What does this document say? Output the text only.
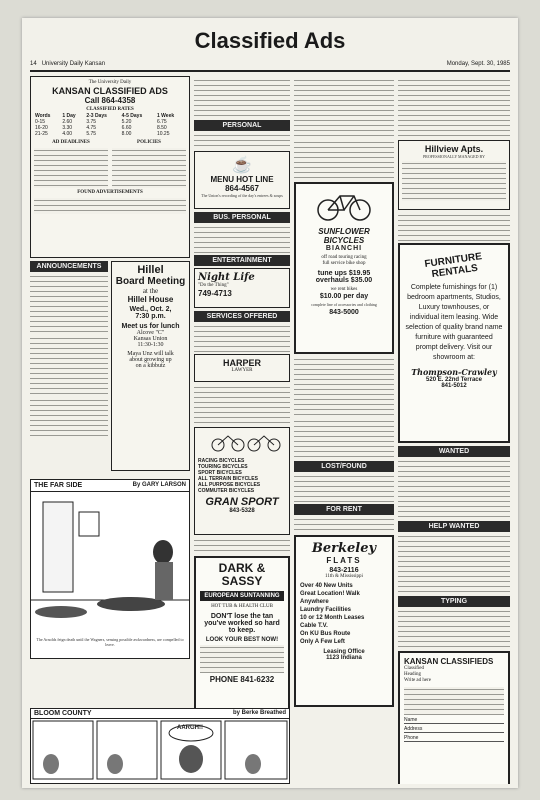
14 University Daily Kansan
Classified Ads
Monday, Sept. 30, 1985
The University Daily
KANSAN CLASSIFIED ADS
Call 864-4358
CLASSIFIED RATES
Words	1 Day	2-3 Days	4-5 Days	1 Week
0-15	2.60	3.75	5.20	6.75
16-20	3.30	4.75	6.60	8.50
21-25	4.00	5.75	8.00	10.25
AD DEADLINES	POLICIES
FOUND ADVERTISEMENTS
ANNOUNCEMENTS	Hillel
Board Meeting
at the
Hillel House
Wed., Oct. 2,
7:30 p.m.
Meet us for lunch
Alcove "C"
Kansas Union
11:30-1:30
Maya Unz will talk
about growing up
on a kibbutz
THE FAR SIDE	By GARY LARSON
The Arnolds feign death until the Wagners, sensing possible awkwardness, are compelled to leave.
PERSONAL
☕
MENU HOT LINE
864-4567
The Union's recording of the day's entrees & soups
BUS. PERSONAL
ENTERTAINMENT
Night Life
"Do the Thing"
749-4713
SERVICES OFFERED
HARPER
LAWYER
RACING BICYCLES
TOURING BICYCLES
SPORT BICYCLES
ALL TERRAIN BICYCLES
ALL PURPOSE BICYCLES
COMMUTER BICYCLES
GRAN SPORT
843-5328
DARK & SASSY
EUROPEAN SUNTANNING
HOT TUB & HEALTH CLUB
DON'T lose the tan you've worked so hard to keep.
LOOK YOUR BEST NOW!
PHONE 841-6232
SUNFLOWER BICYCLES
BIANCHI
off road touring racing
full service bike shop
tune ups $19.95
overhauls $35.00
we rent bikes
$10.00 per day
complete line of accessories and clothing
843-5000
LOST/FOUND
FOR RENT
Berkeley
FLATS
843-2116
11th & Mississippi
Over 40 New Units
Great Location! Walk Anywhere
Laundry Facilities
10 or 12 Month Leases
Cable T.V.
On KU Bus Route
Only A Few Left
Leasing Office
1123 Indiana
Hillview Apts.
PROFESSIONALLY MANAGED BY
FURNITURE RENTALS
Complete furnishings for (1) bedroom apartments, Studios, Luxury townhouses, or individual item leasing. Wide selection of quality brand name furniture with guaranteed prompt delivery. Visit our showroom at:
Thompson-Crawley
520 E. 22nd Terrace
841-5012
WANTED
HELP WANTED
TYPING
KANSAN CLASSIFIEDS
Classified
Heading
Write ad here
Name
Address
Phone
BLOOM COUNTY	by Berke Breathed
AARGH!!
